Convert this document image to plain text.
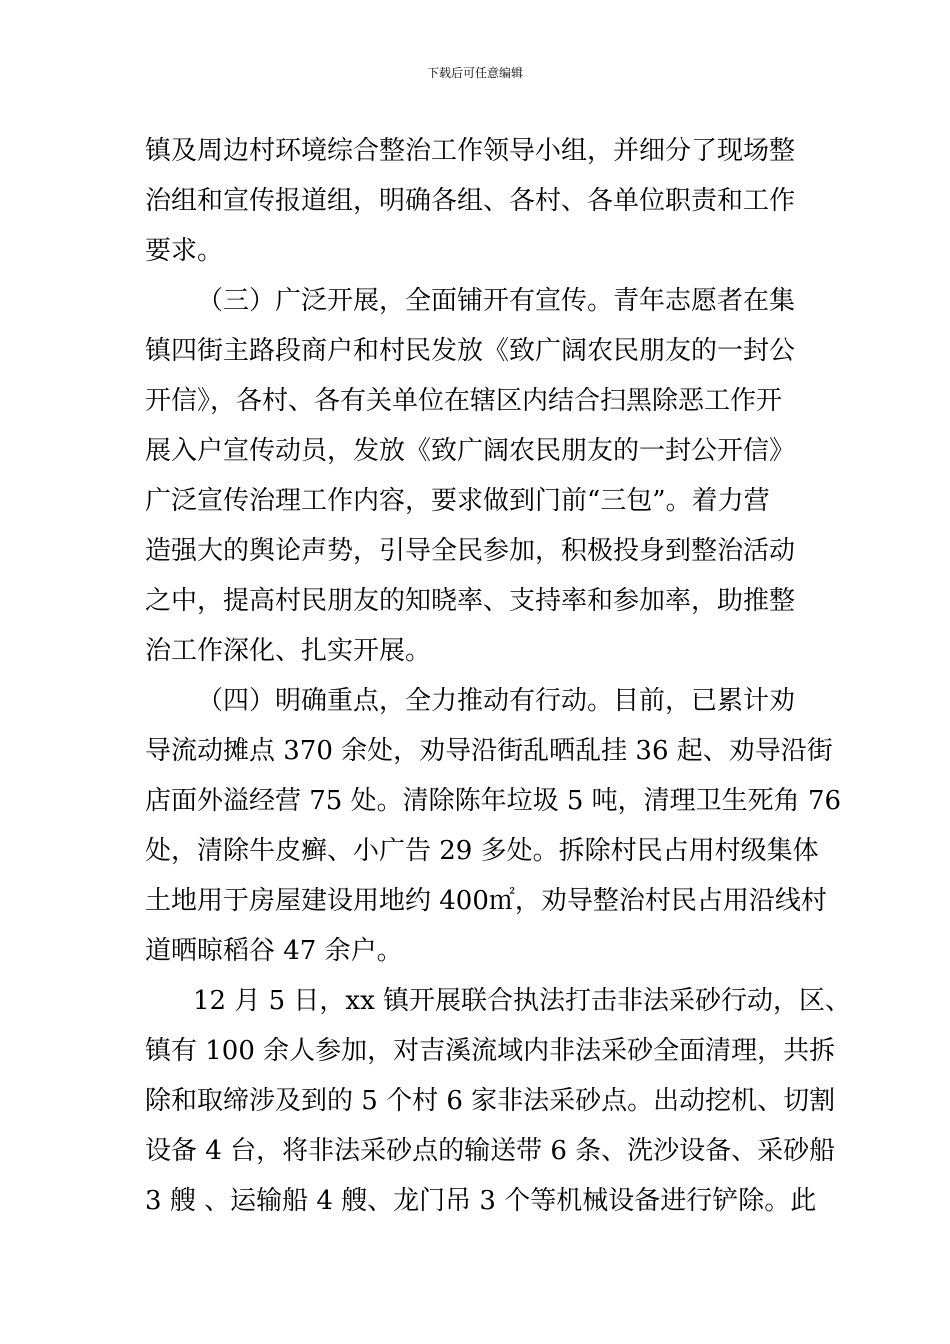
下载后可任意编辑
镇及周边村环境综合整治工作领导小组，并细分了现场整
治组和宣传报道组，明确各组、各村、各单位职责和工作
要求。
（三）广泛开展，全面铺开有宣传。青年志愿者在集
镇四街主路段商户和村民发放《致广阔农民朋友的一封公
开信》，各村、各有关单位在辖区内结合扫黑除恶工作开
展入户宣传动员，发放《致广阔农民朋友的一封公开信》
广泛宣传治理工作内容，要求做到门前“三包”。着力营
造强大的舆论声势，引导全民参加，积极投身到整治活动
之中，提高村民朋友的知晓率、支持率和参加率，助推整
治工作深化、扎实开展。
（四）明确重点，全力推动有行动。目前，已累计劝
导流动摊点 370 余处，劝导沿街乱晒乱挂 36 起、劝导沿街
店面外溢经营 75 处。清除陈年垃圾 5 吨，清理卫生死角 76
处，清除牛皮癣、小广告 29 多处。拆除村民占用村级集体
土地用于房屋建设用地约 400㎡，劝导整治村民占用沿线村
道晒晾稻谷 47 余户。
12 月 5 日，xx 镇开展联合执法打击非法采砂行动，区、
镇有 100 余人参加，对吉溪流域内非法采砂全面清理，共拆
除和取缔涉及到的 5 个村 6 家非法采砂点。出动挖机、切割
设备 4 台，将非法采砂点的输送带 6 条、洗沙设备、采砂船
3 艘 、运输船 4 艘、龙门吊 3 个等机械设备进行铲除。此
